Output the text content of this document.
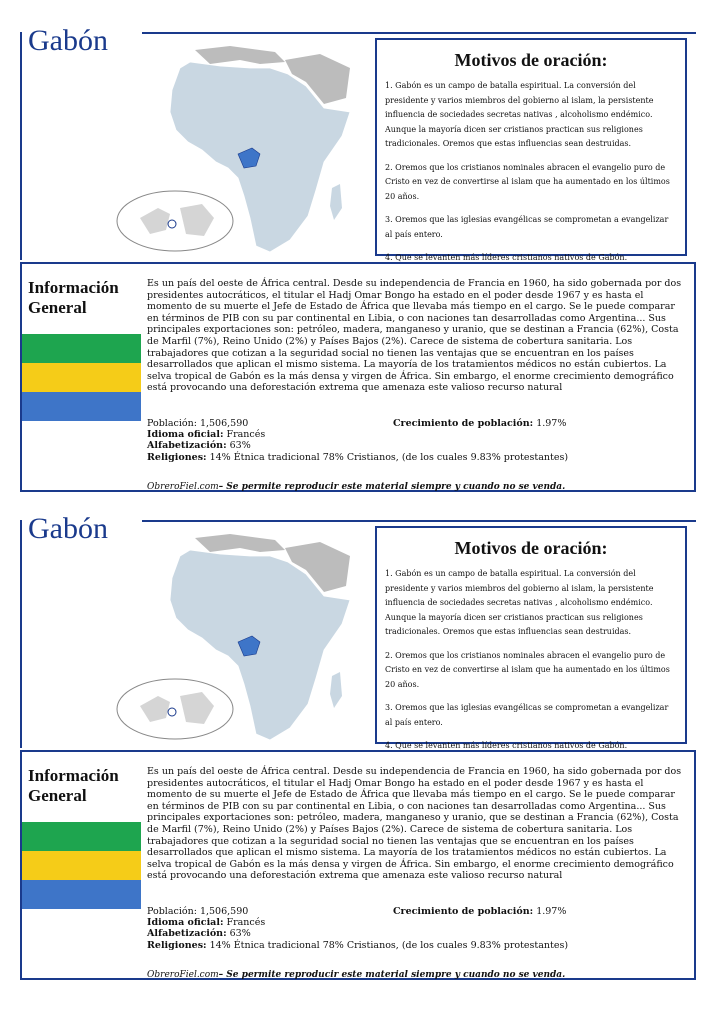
Gabón
Motivos de oración:

1. Gabón es un campo de batalla espiritual. La conversión del presidente y varios miembros del gobierno al islam, la persistente influencia de sociedades secretas nativas , alcoholismo endémico. Aunque la mayoría dicen ser cristianos practican sus religiones tradicionales. Oremos que estas influencias sean destruidas.

2. Oremos que los cristianos nominales abracen el evangelio puro de Cristo en vez de convertirse al islam que ha aumentado en los últimos 20 años.

3. Oremos que las iglesias evangélicas se comprometan a evangelizar al país entero.

4. Que se levanten más líderes cristianos nativos de Gabón.

Información
General

Es un país del oeste de África central. Desde su independencia de Francia en 1960, ha sido gobernada por dos presidentes autocráticos, el titular el Hadj Omar Bongo ha estado en el poder desde 1967 y es hasta el momento de su muerte el Jefe de Estado de África que llevaba más tiempo en el cargo. Se le puede comparar en términos de PIB con su par continental en Libia, o con naciones tan desarrolladas como Argentina... Sus principales exportaciones son: petróleo, madera, manganeso y uranio, que se destinan a Francia (62%), Costa de Marfil (7%), Reino Unido (2%) y Países Bajos (2%). Carece de sistema de cobertura sanitaria. Los trabajadores que cotizan a la seguridad social no tienen las ventajas que se encuentran en los países desarrollados que aplican el mismo sistema. La mayoría de los tratamientos médicos no están cubiertos. La selva tropical de Gabón es la más densa y virgen de África. Sin embargo, el enorme crecimiento demográfico está provocando una deforestación extrema que amenaza este valioso recurso natural

Población: 1,506,590	Crecimiento de población: 1.97%
Idioma oficial: Francés
Alfabetización: 63%
Religiones: 14% Étnica tradicional 78% Cristianos, (de los cuales 9.83% protestantes)
ObreroFiel.com– Se permite reproducir este material siempre y cuando no se venda.
Gabón
Motivos de oración:

1. Gabón es un campo de batalla espiritual. La conversión del presidente y varios miembros del gobierno al islam, la persistente influencia de sociedades secretas nativas , alcoholismo endémico. Aunque la mayoría dicen ser cristianos practican sus religiones tradicionales. Oremos que estas influencias sean destruidas.

2. Oremos que los cristianos nominales abracen el evangelio puro de Cristo en vez de convertirse al islam que ha aumentado en los últimos 20 años.

3. Oremos que las iglesias evangélicas se comprometan a evangelizar al país entero.

4. Que se levanten más líderes cristianos nativos de Gabón.

Información
General

Es un país del oeste de África central. Desde su independencia de Francia en 1960, ha sido gobernada por dos presidentes autocráticos, el titular el Hadj Omar Bongo ha estado en el poder desde 1967 y es hasta el momento de su muerte el Jefe de Estado de África que llevaba más tiempo en el cargo. Se le puede comparar en términos de PIB con su par continental en Libia, o con naciones tan desarrolladas como Argentina... Sus principales exportaciones son: petróleo, madera, manganeso y uranio, que se destinan a Francia (62%), Costa de Marfil (7%), Reino Unido (2%) y Países Bajos (2%). Carece de sistema de cobertura sanitaria. Los trabajadores que cotizan a la seguridad social no tienen las ventajas que se encuentran en los países desarrollados que aplican el mismo sistema. La mayoría de los tratamientos médicos no están cubiertos. La selva tropical de Gabón es la más densa y virgen de África. Sin embargo, el enorme crecimiento demográfico está provocando una deforestación extrema que amenaza este valioso recurso natural

Población: 1,506,590	Crecimiento de población: 1.97%
Idioma oficial: Francés
Alfabetización: 63%
Religiones: 14% Étnica tradicional 78% Cristianos, (de los cuales 9.83% protestantes)
ObreroFiel.com– Se permite reproducir este material siempre y cuando no se venda.
